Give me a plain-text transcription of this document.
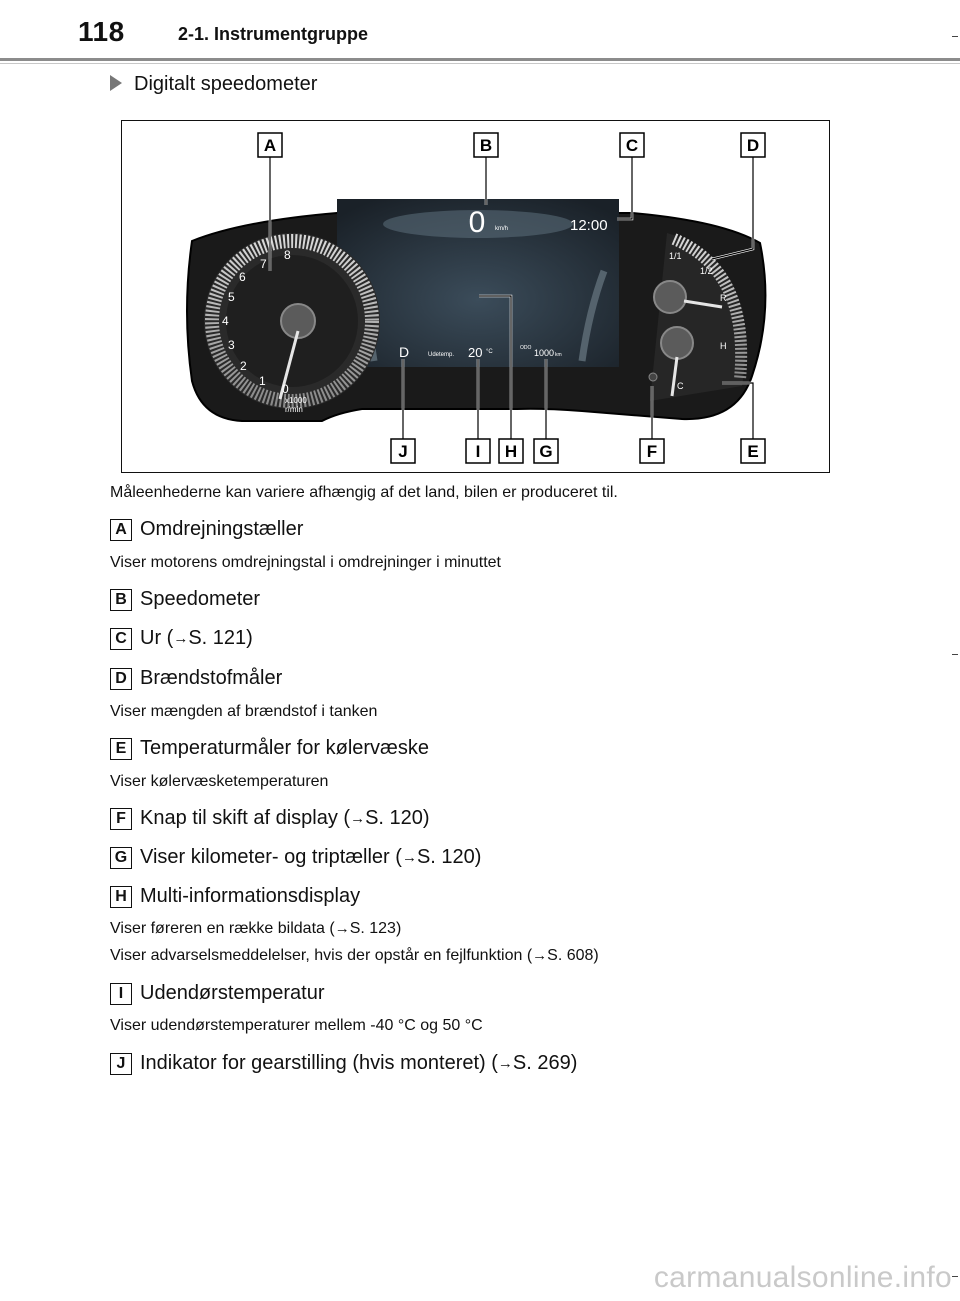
118	2-1. Instrumentgruppe
Digitalt speedometer
8
7
6
5
4
3
2
1
0
x1000
r/min
1/1
1/2
R
H
C
0 km/h	12:00
D	Udetemp. 20 °C
ODO 1000 km
A	B	C	D
J	I H G	F	E
Måleenhederne kan variere afhængig af det land, bilen er produceret til.
A Omdrejningstæller
Viser motorens omdrejningstal i omdrejninger i minuttet
B Speedometer
C Ur ( → S. 121)
D Brændstofmåler
Viser mængden af brændstof i tanken
E Temperaturmåler for kølervæske
Viser kølervæsketemperaturen
F Knap til skift af display ( → S. 120)
G Viser kilometer- og triptæller ( → S. 120)
H Multi-informationsdisplay
Viser føreren en række bildata (→S. 123)
Viser advarselsmeddelelser, hvis der opstår en fejlfunktion (→S. 608)
I Udendørstemperatur
Viser udendørstemperaturer mellem -40 °C og 50 °C
J Indikator for gearstilling (hvis monteret) ( → S. 269)
carmanualsonline.info
